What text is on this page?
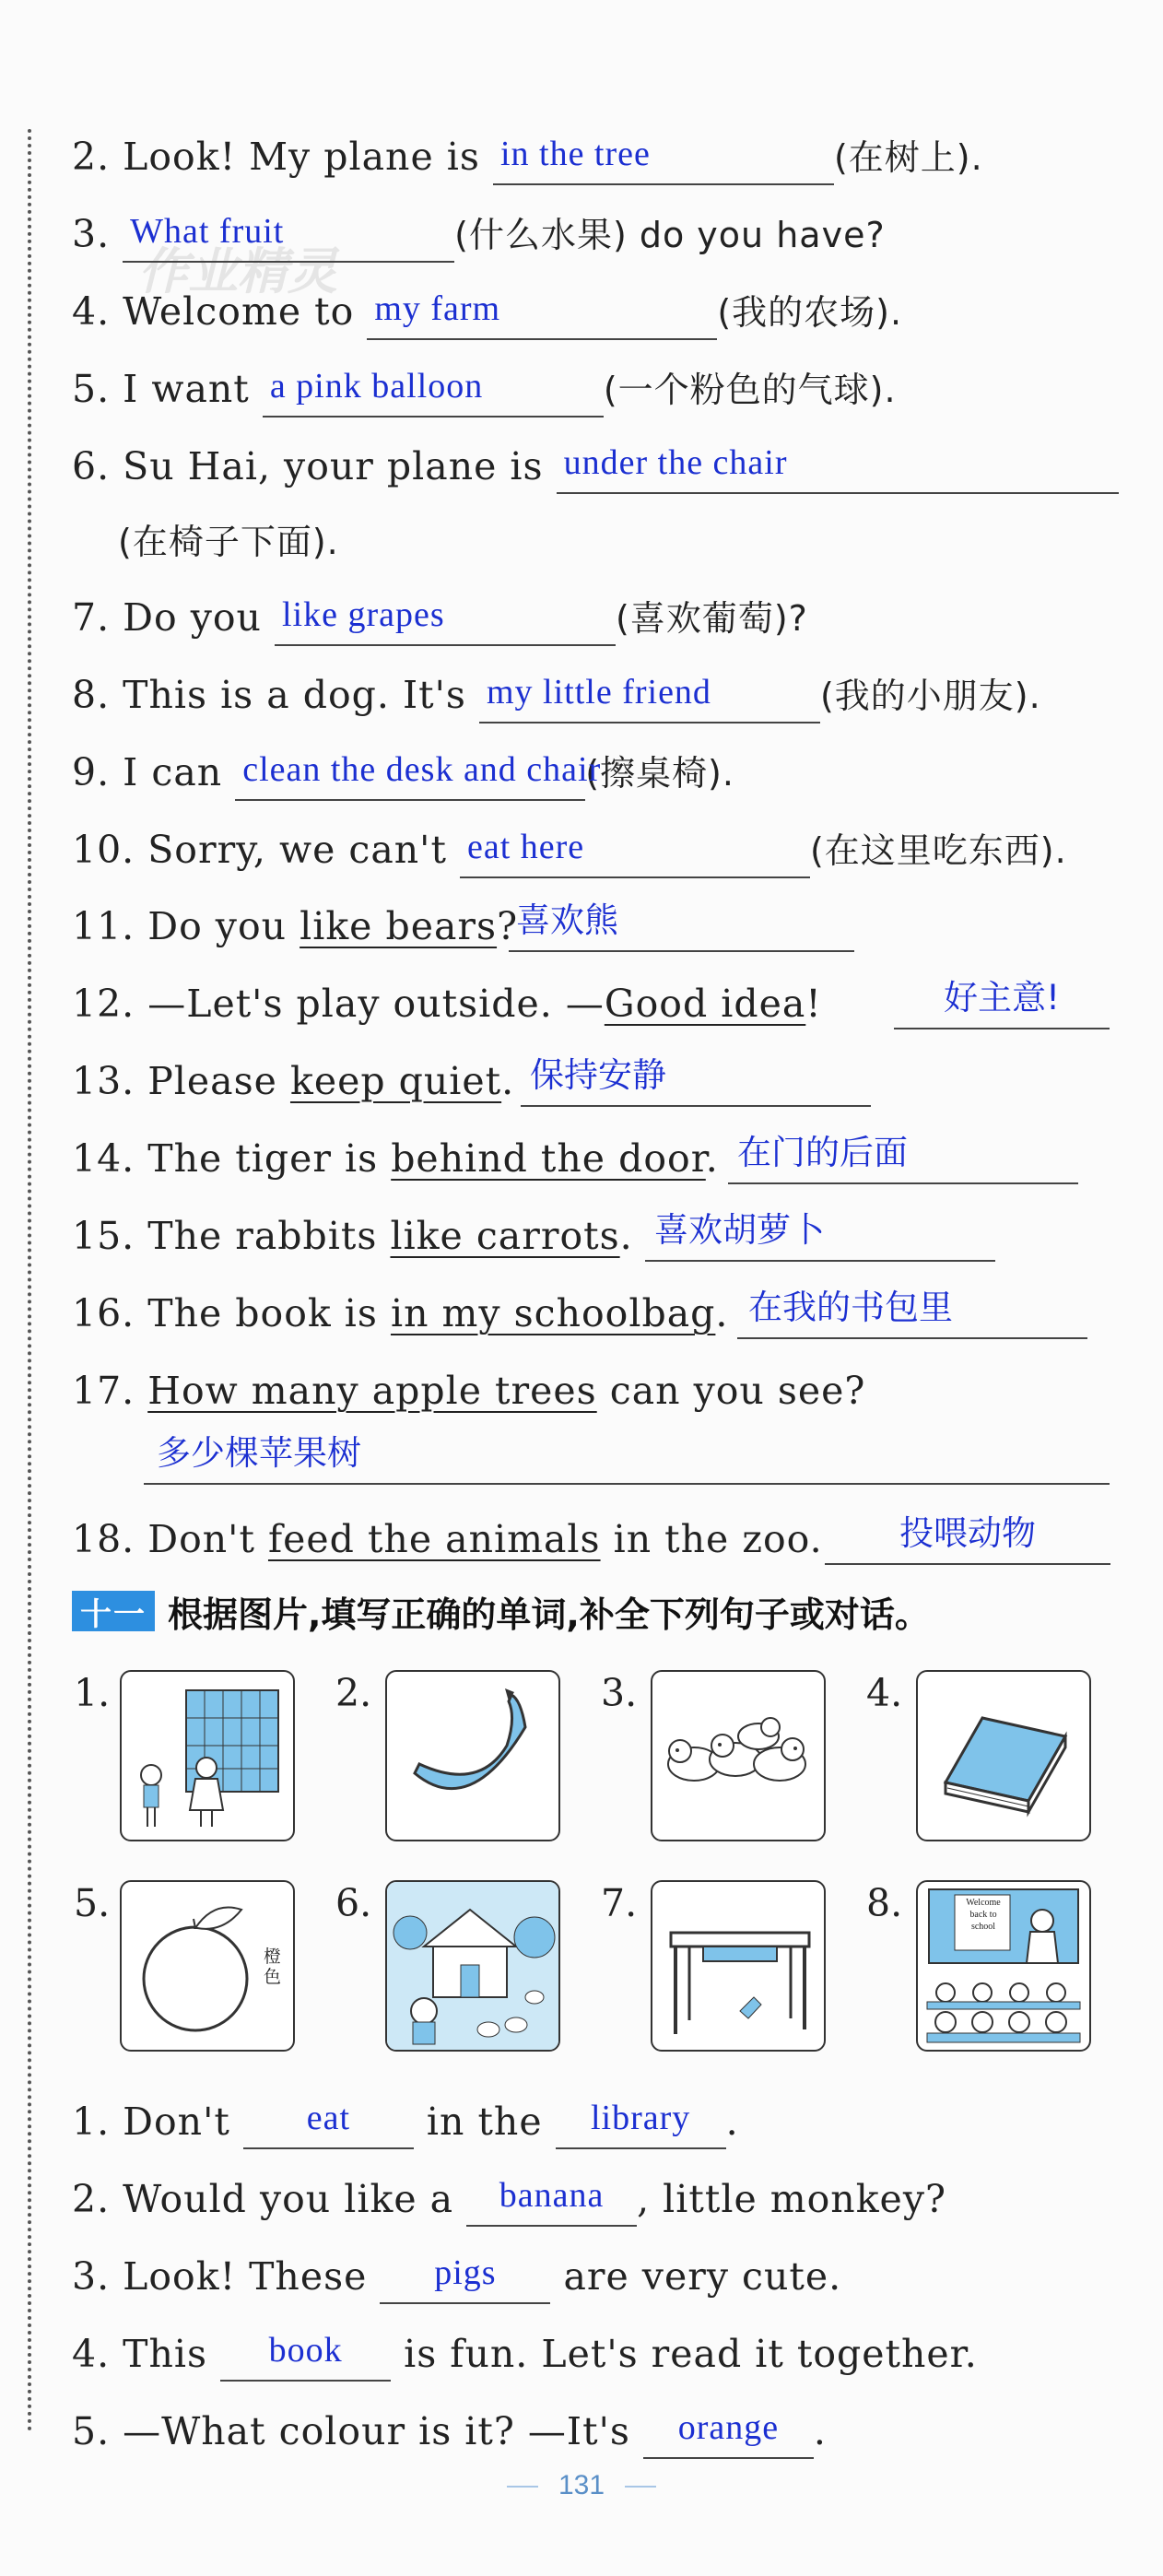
作业精灵
2. Look! My plane is in the tree	(在树上).
3. What fruit	(什么水果) do you have?
4. Welcome to my farm	(我的农场).
5. I want a pink balloon	(一个粉色的气球).
6. Su Hai, your plane is under the chair
(在椅子下面).
7. Do you like grapes	(喜欢葡萄)?
8. This is a dog. It's my little friend	(我的小朋友).
9. I can clean the desk and chair
(擦桌椅).
10. Sorry, we can't eat here	(在这里吃东西).
11. Do you like bears?
喜欢熊
12. —Let's play outside. —Good idea!	好主意!
13. Please keep quiet. 保持安静
14. The tiger is behind the door. 在门的后面
15. The rabbits like carrots. 喜欢胡萝卜
16. The book is in my schoolbag. 在我的书包里
17. How many apple trees can you see?
多少棵苹果树
18. Don't feed the animals in the zoo.	投喂动物
十一 根据图片,填写正确的单词,补全下列句子或对话。
1.	2.	3.	4.
5.
橙色
6.	7.	8.	Welcome
back to
school
1. Don't	eat	in the	library .
2. Would you like a banana , little monkey?
3. Look! These	pigs	are very cute.
4. This	book	is fun. Let's read it together.
5. —What colour is it? —It's orange .
131
